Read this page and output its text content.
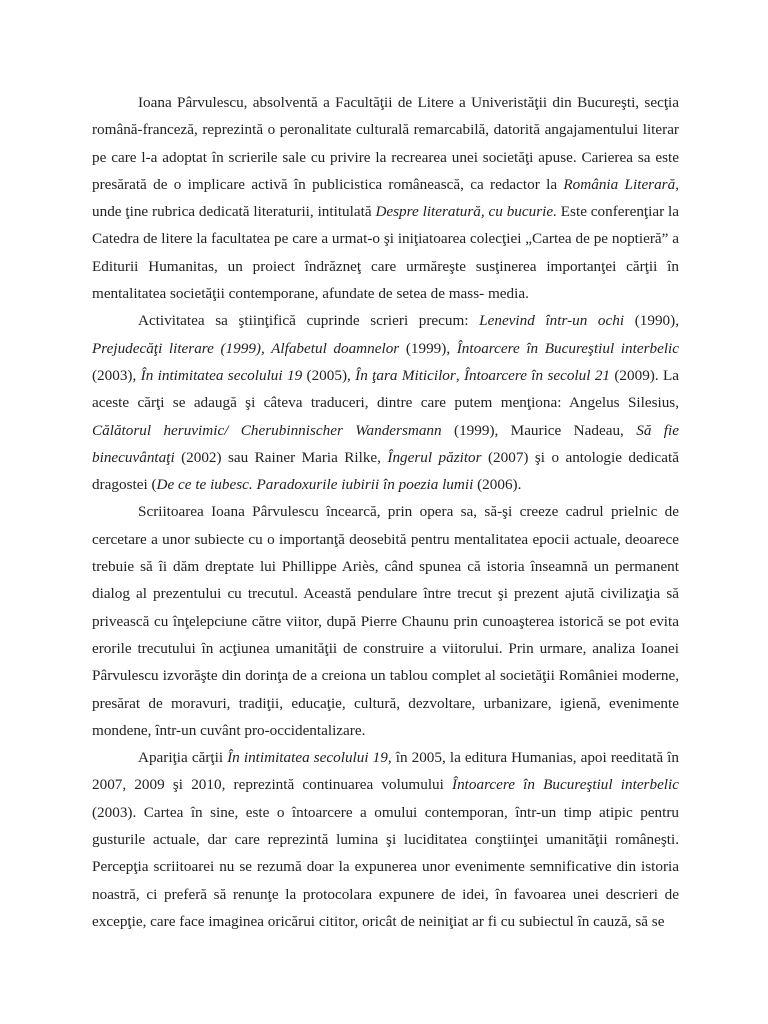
Ioana Pârvulescu, absolventă a Facultăţii de Litere a Univeristăţii din Bucureşti, secţia română-franceză, reprezintă o peronalitate culturală remarcabilă, datorită angajamentului literar pe care l-a adoptat în scrierile sale cu privire la recrearea unei societăţi apuse. Carierea sa este presărată de o implicare activă în publicistica românească, ca redactor la România Literară, unde ţine rubrica dedicată literaturii, intitulată Despre literatură, cu bucurie. Este conferenţiar la Catedra de litere la facultatea pe care a urmat-o şi iniţiatoarea colecţiei „Cartea de pe noptieră” a Editurii Humanitas, un proiect îndrăzneţ care urmăreşte susţinerea importanţei cărţii în mentalitatea societăţii contemporane, afundate de setea de mass- media.

Activitatea sa ştiinţifică cuprinde scrieri precum: Lenevind într-un ochi (1990), Prejudecăţi literare (1999), Alfabetul doamnelor (1999), Întoarcere în Bucureştiul interbelic (2003), În intimitatea secolului 19 (2005), În ţara Miticilor, Întoarcere în secolul 21 (2009). La aceste cărţi se adaugă şi câteva traduceri, dintre care putem menţiona: Angelus Silesius, Călătorul heruvimic/ Cherubinnischer Wandersmann (1999), Maurice Nadeau, Să fie binecuvântaţi (2002) sau Rainer Maria Rilke, Îngerul păzitor (2007) şi o antologie dedicată dragostei (De ce te iubesc. Paradoxurile iubirii în poezia lumii (2006).

Scriitoarea Ioana Pârvulescu încearcă, prin opera sa, să-şi creeze cadrul prielnic de cercetare a unor subiecte cu o importanţă deosebită pentru mentalitatea epocii actuale, deoarece trebuie să îi dăm dreptate lui Phillippe Ariès, când spunea că istoria înseamnă un permanent dialog al prezentului cu trecutul. Această pendulare între trecut şi prezent ajută civilizaţia să privească cu înţelepciune către viitor, după Pierre Chaunu prin cunoaşterea istorică se pot evita erorile trecutului în acţiunea umanităţii de construire a viitorului. Prin urmare, analiza Ioanei Pârvulescu izvorăşte din dorinţa de a creiona un tablou complet al societăţii României moderne, presărat de moravuri, tradiţii, educaţie, cultură, dezvoltare, urbanizare, igienă, evenimente mondene, într-un cuvânt pro-occidentalizare.

Apariţia cărţii În intimitatea secolului 19, în 2005, la editura Humanias, apoi reeditată în 2007, 2009 şi 2010, reprezintă continuarea volumului Întoarcere în Bucureştiul interbelic (2003). Cartea în sine, este o întoarcere a omului contemporan, într-un timp atipic pentru gusturile actuale, dar care reprezintă lumina şi luciditatea conştiinţei umanităţii româneşti. Percepţia scriitoarei nu se rezumă doar la expunerea unor evenimente semnificative din istoria noastră, ci preferă să renunţe la protocolara expunere de idei, în favoarea unei descrieri de excepţie, care face imaginea oricărui cititor, oricât de neiniţiat ar fi cu subiectul în cauză, să se
